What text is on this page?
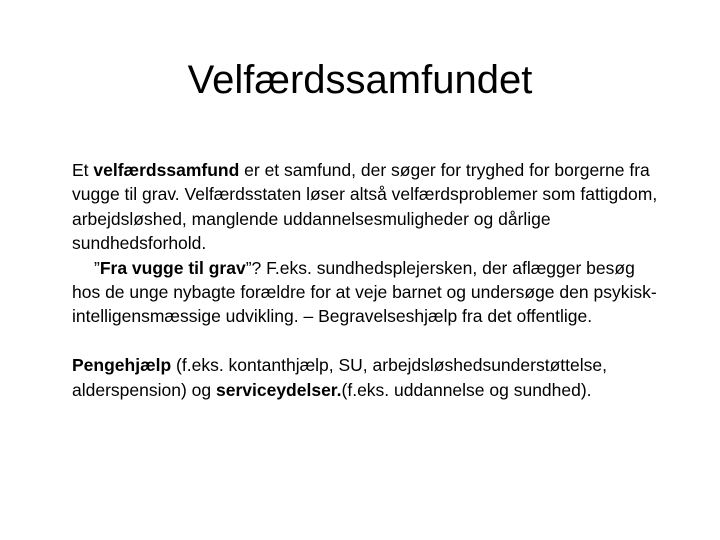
Velfærdssamfundet

Et velfærdssamfund er et samfund, der søger for tryghed for borgerne fra vugge til grav. Velfærdsstaten løser altså velfærdsproblemer som fattigdom, arbejdsløshed, manglende uddannelsesmuligheder og dårlige sundhedsforhold.

”Fra vugge til grav”? F.eks. sundhedsplejersken, der aflægger besøg hos de unge nybagte forældre for at veje barnet og undersøge den psykisk-intelligensmæssige udvikling. – Begravelseshjælp fra det offentlige.

Pengehjælp (f.eks. kontanthjælp, SU, arbejdsløshedsunderstøttelse, alderspension) og serviceydelser.(f.eks. uddannelse og sundhed).
